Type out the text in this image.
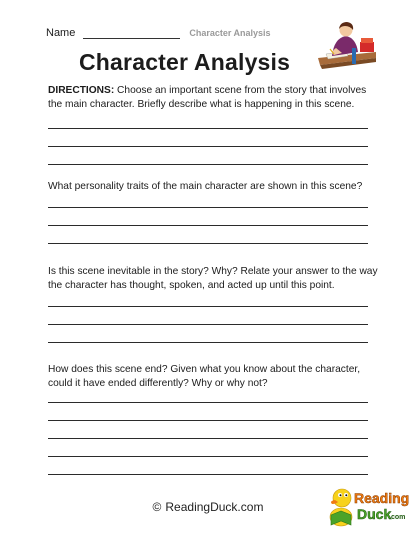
Name	Character Analysis
Character Analysis
DIRECTIONS: Choose an important scene from the story that involves the main character. Briefly describe what is happening in this scene.
What personality traits of the main character are shown in this scene?
Is this scene inevitable in the story? Why? Relate your answer to the way the character has thought, spoken, and acted up until this point.
How does this scene end? Given what you know about the character, could it have ended differently? Why or why not?
© ReadingDuck.com
Reading
Duck
.com
